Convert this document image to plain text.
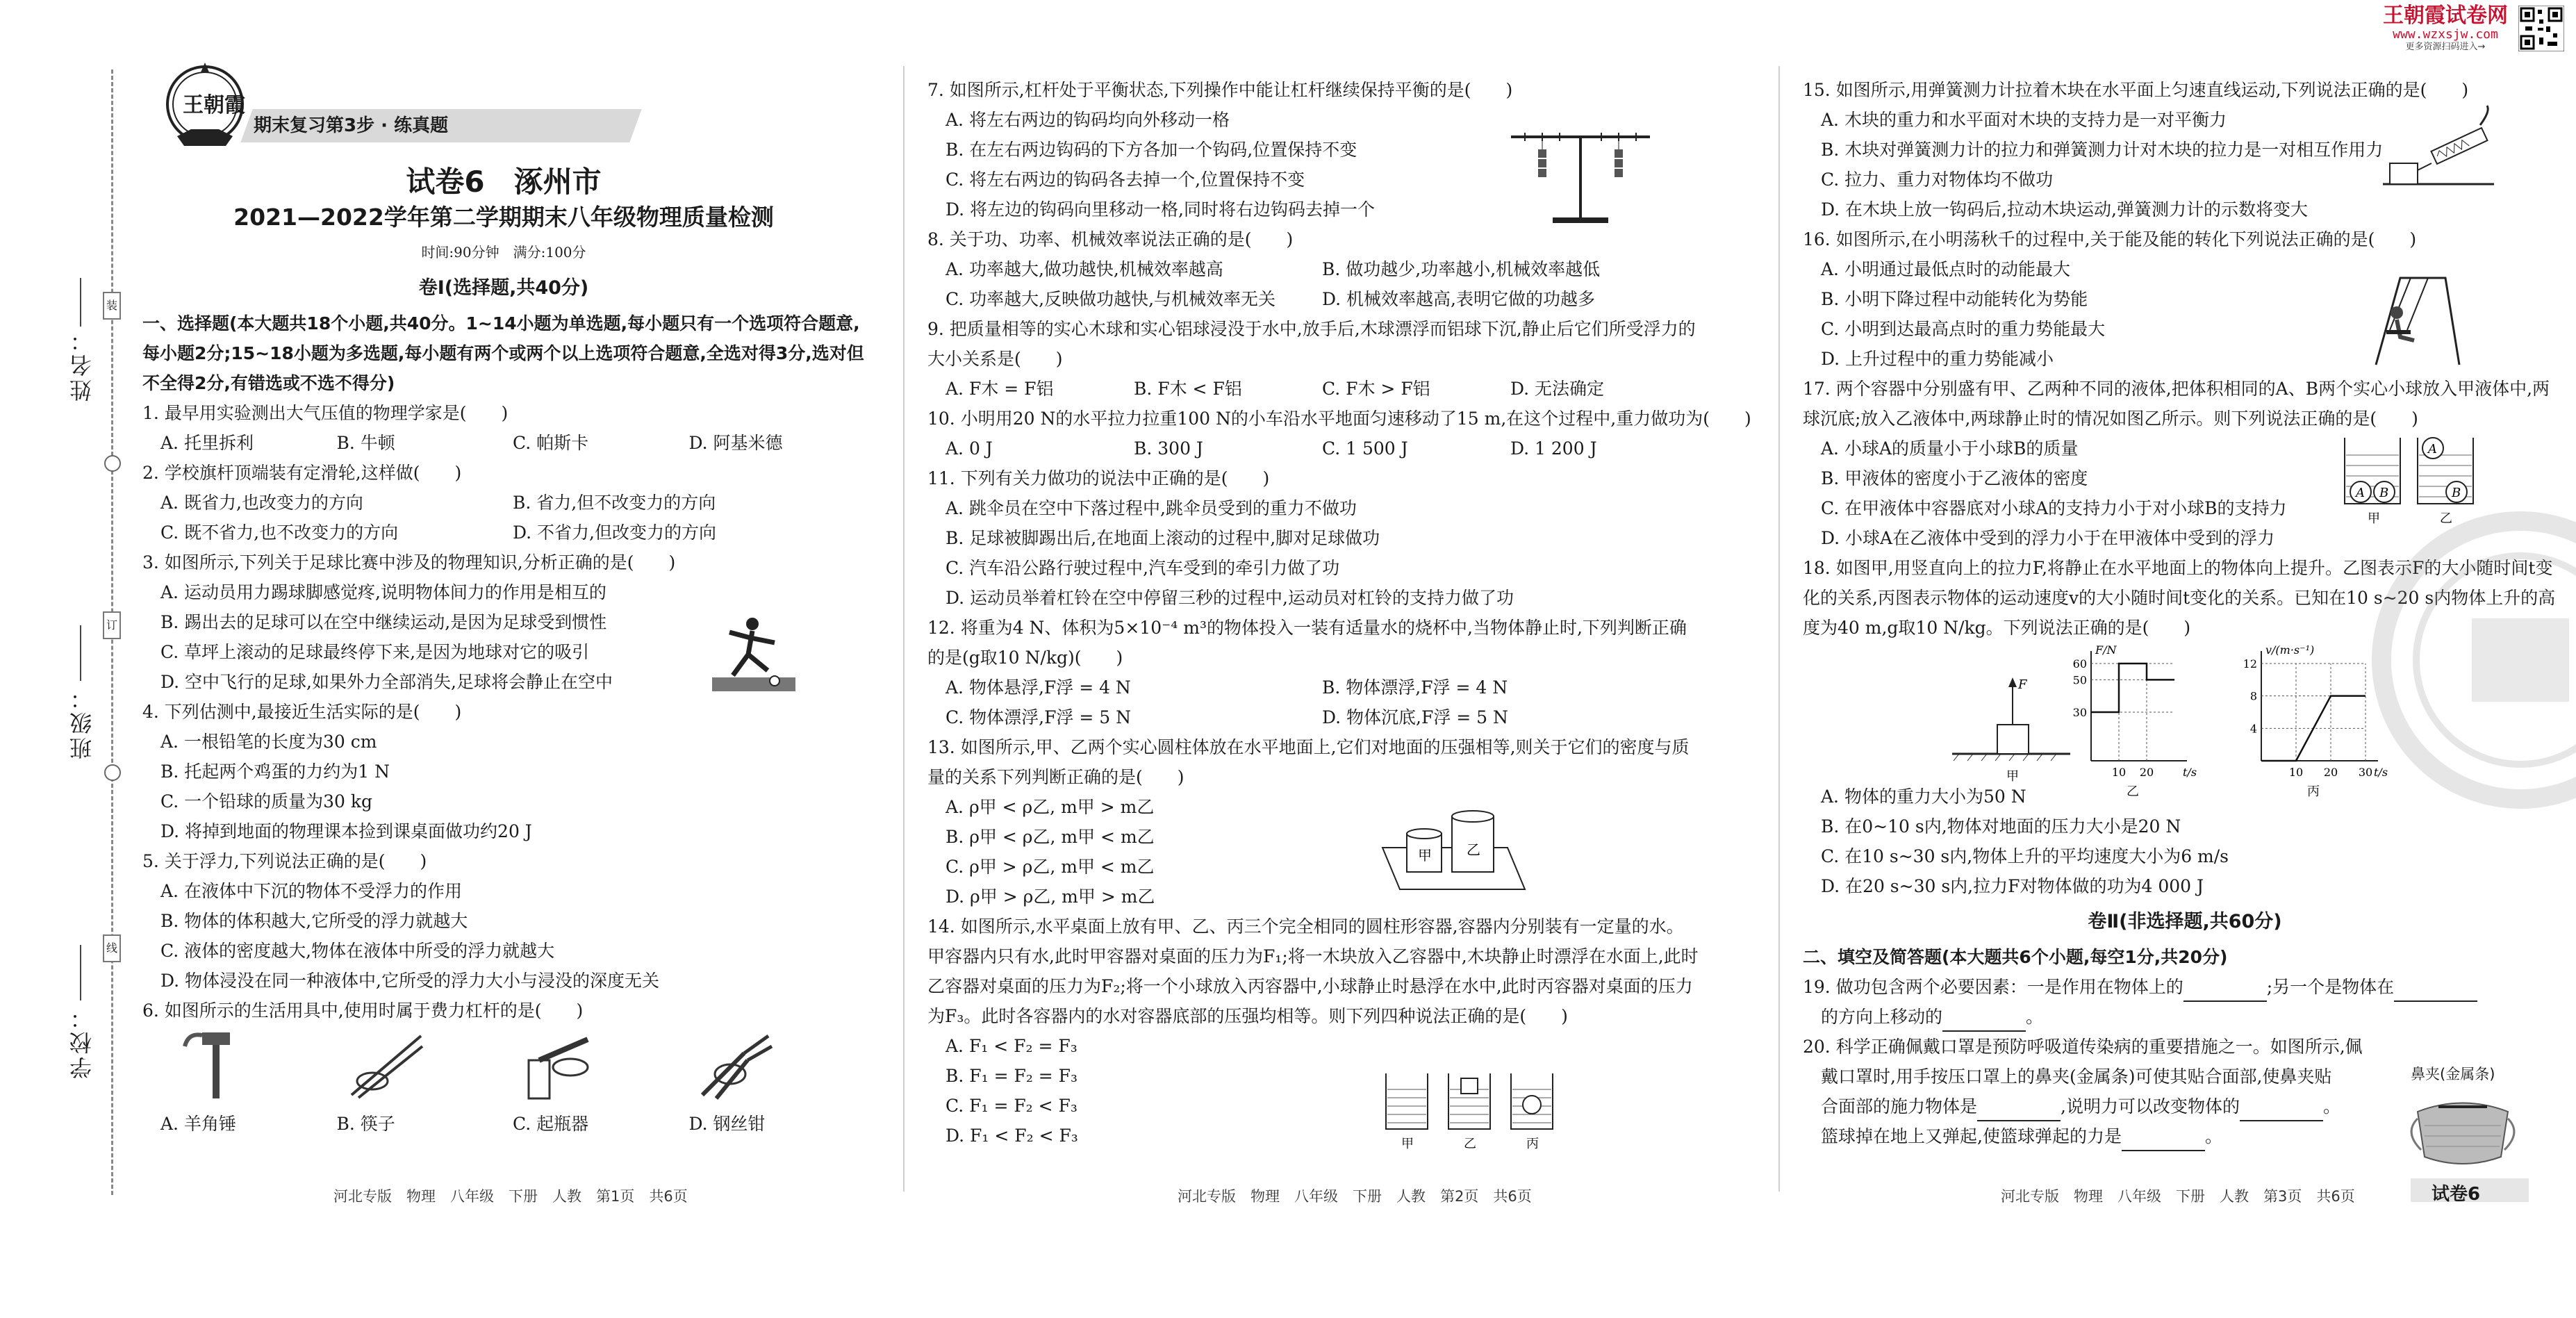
姓名：
班级：
学校：
装
订
线
王朝霞
期末复习第3步 · 练真题
试卷6　涿州市
2021—2022学年第二学期期末八年级物理质量检测
时间:90分钟　满分:100分
卷Ⅰ(选择题,共40分)

一、选择题(本大题共18个小题,共40分。1~14小题为单选题,每小题只有一个选项符合题意,每小题2分;15~18小题为多选题,每小题有两个或两个以上选项符合题意,全选对得3分,选对但不全得2分,有错选或不选不得分)

1. 最早用实验测出大气压值的物理学家是(　　)

A. 托里拆利	B. 牛顿	C. 帕斯卡	D. 阿基米德

2. 学校旗杆顶端装有定滑轮,这样做(　　)

A. 既省力,也改变力的方向	B. 省力,但不改变力的方向
C. 既不省力,也不改变力的方向	D. 不省力,但改变力的方向

3. 如图所示,下列关于足球比赛中涉及的物理知识,分析正确的是(　　)

A. 运动员用力踢球脚感觉疼,说明物体间力的作用是相互的

B. 踢出去的足球可以在空中继续运动,是因为足球受到惯性

C. 草坪上滚动的足球最终停下来,是因为地球对它的吸引

D. 空中飞行的足球,如果外力全部消失,足球将会静止在空中

4. 下列估测中,最接近生活实际的是(　　)

A. 一根铅笔的长度为30 cm

B. 托起两个鸡蛋的力约为1 N

C. 一个铅球的质量为30 kg

D. 将掉到地面的物理课本捡到课桌面做功约20 J

5. 关于浮力,下列说法正确的是(　　)

A. 在液体中下沉的物体不受浮力的作用

B. 物体的体积越大,它所受的浮力就越大

C. 液体的密度越大,物体在液体中所受的浮力就越大

D. 物体浸没在同一种液体中,它所受的浮力大小与浸没的深度无关

6. 如图所示的生活用具中,使用时属于费力杠杆的是(　　)

A. 羊角锤	B. 筷子	C. 起瓶器	D. 钢丝钳

7. 如图所示,杠杆处于平衡状态,下列操作中能让杠杆继续保持平衡的是(　　)

A. 将左右两边的钩码均向外移动一格

B. 在左右两边钩码的下方各加一个钩码,位置保持不变

C. 将左右两边的钩码各去掉一个,位置保持不变

D. 将左边的钩码向里移动一格,同时将右边钩码去掉一个

8. 关于功、功率、机械效率说法正确的是(　　)

A. 功率越大,做功越快,机械效率越高	B. 做功越少,功率越小,机械效率越低
C. 功率越大,反映做功越快,与机械效率无关	D. 机械效率越高,表明它做的功越多

9. 把质量相等的实心木球和实心铝球浸没于水中,放手后,木球漂浮而铝球下沉,静止后它们所受浮力的大小关系是(　　)

A. F木 = F铝	B. F木 < F铝	C. F木 > F铝	D. 无法确定

10. 小明用20 N的水平拉力拉重100 N的小车沿水平地面匀速移动了15 m,在这个过程中,重力做功为(　　)

A. 0 J	B. 300 J	C. 1 500 J	D. 1 200 J

11. 下列有关力做功的说法中正确的是(　　)

A. 跳伞员在空中下落过程中,跳伞员受到的重力不做功

B. 足球被脚踢出后,在地面上滚动的过程中,脚对足球做功

C. 汽车沿公路行驶过程中,汽车受到的牵引力做了功

D. 运动员举着杠铃在空中停留三秒的过程中,运动员对杠铃的支持力做了功

12. 将重为4 N、体积为5×10⁻⁴ m³的物体投入一装有适量水的烧杯中,当物体静止时,下列判断正确的是(g取10 N/kg)(　　)

A. 物体悬浮,F浮 = 4 N	B. 物体漂浮,F浮 = 4 N
C. 物体漂浮,F浮 = 5 N	D. 物体沉底,F浮 = 5 N

13. 如图所示,甲、乙两个实心圆柱体放在水平地面上,它们对地面的压强相等,则关于它们的密度与质量的关系下列判断正确的是(　　)

A. ρ甲 < ρ乙, m甲 > m乙

B. ρ甲 < ρ乙, m甲 < m乙

C. ρ甲 > ρ乙, m甲 < m乙

D. ρ甲 > ρ乙, m甲 > m乙

14. 如图所示,水平桌面上放有甲、乙、丙三个完全相同的圆柱形容器,容器内分别装有一定量的水。甲容器内只有水,此时甲容器对桌面的压力为F₁;将一木块放入乙容器中,木块静止时漂浮在水面上,此时乙容器对桌面的压力为F₂;将一个小球放入丙容器中,小球静止时悬浮在水中,此时丙容器对桌面的压力为F₃。此时各容器内的水对容器底部的压强均相等。则下列四种说法正确的是(　　)

A. F₁ < F₂ = F₃

B. F₁ = F₂ = F₃

C. F₁ = F₂ < F₃

D. F₁ < F₂ < F₃

甲	乙
甲	乙	丙

15. 如图所示,用弹簧测力计拉着木块在水平面上匀速直线运动,下列说法正确的是(　　)

A. 木块的重力和水平面对木块的支持力是一对平衡力

B. 木块对弹簧测力计的拉力和弹簧测力计对木块的拉力是一对相互作用力

C. 拉力、重力对物体均不做功

D. 在木块上放一钩码后,拉动木块运动,弹簧测力计的示数将变大

16. 如图所示,在小明荡秋千的过程中,关于能及能的转化下列说法正确的是(　　)

A. 小明通过最低点时的动能最大

B. 小明下降过程中动能转化为势能

C. 小明到达最高点时的重力势能最大

D. 上升过程中的重力势能减小

17. 两个容器中分别盛有甲、乙两种不同的液体,把体积相同的A、B两个实心小球放入甲液体中,两球沉底;放入乙液体中,两球静止时的情况如图乙所示。则下列说法正确的是(　　)

A. 小球A的质量小于小球B的质量

B. 甲液体的密度小于乙液体的密度

C. 在甲液体中容器底对小球A的支持力小于对小球B的支持力

D. 小球A在乙液体中受到的浮力小于在甲液体中受到的浮力

18. 如图甲,用竖直向上的拉力F,将静止在水平地面上的物体向上提升。乙图表示F的大小随时间t变化的关系,丙图表示物体的运动速度v的大小随时间t变化的关系。已知在10 s~20 s内物体上升的高度为40 m,g取10 N/kg。下列说法正确的是(　　)

A. 物体的重力大小为50 N

B. 在0~10 s内,物体对地面的压力大小是20 N

C. 在10 s~30 s内,物体上升的平均速度大小为6 m/s

D. 在20 s~30 s内,拉力F对物体做的功为4 000 J

卷Ⅱ(非选择题,共60分)

二、填空及简答题(本大题共6个小题,每空1分,共20分)

19. 做功包含两个必要因素：一是作用在物体上的	;另一个是物体在

的方向上移动的	。

20. 科学正确佩戴口罩是预防呼吸道传染病的重要措施之一。如图所示,佩

戴口罩时,用手按压口罩上的鼻夹(金属条)可使其贴合面部,使鼻夹贴

合面部的施力物体是	,说明力可以改变物体的	。

篮球掉在地上又弹起,使篮球弹起的力是	。

A B
A
B
甲	乙
F
甲
F/N
t/s
60
50
30
10 20
乙
v/(m·s⁻¹)
t/s
12
8
4
10 20 30
丙
鼻夹(金属条)
王朝霞试卷网
www.wzxsjw.com
更多资源扫码进入→
河北专版　物理　八年级　下册　人教　第1页　共6页	河北专版　物理　八年级　下册　人教　第2页　共6页	河北专版　物理　八年级　下册　人教　第3页　共6页	试卷6
